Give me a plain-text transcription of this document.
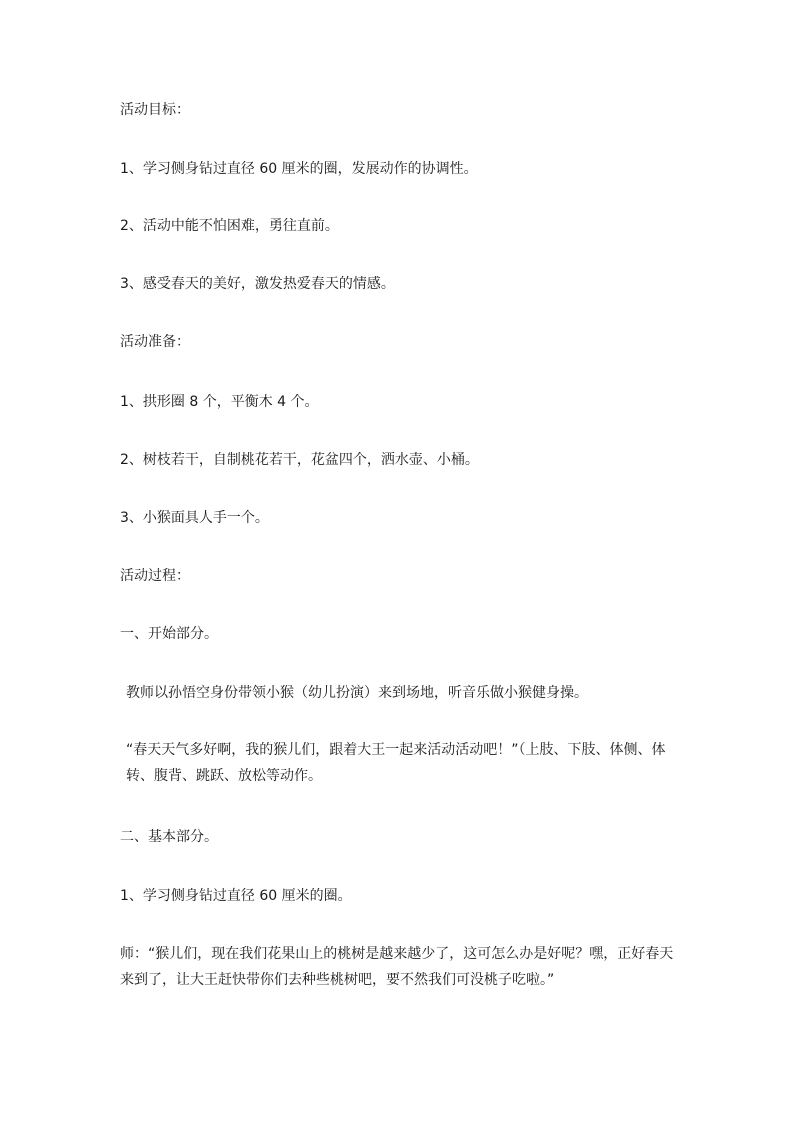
活动目标：

1、学习侧身钻过直径 60 厘米的圈，发展动作的协调性。

2、活动中能不怕困难，勇往直前。

3、感受春天的美好，激发热爱春天的情感。

活动准备：

1、拱形圈 8 个，平衡木 4 个。

2、树枝若干，自制桃花若干，花盆四个，洒水壶、小桶。

3、小猴面具人手一个。

活动过程：

一、开始部分。

教师以孙悟空身份带领小猴（幼儿扮演）来到场地，听音乐做小猴健身操。

“春天天气多好啊，我的猴儿们，跟着大王一起来活动活动吧！”（上肢、下肢、体侧、体转、腹背、跳跃、放松等动作。

二、基本部分。

1、学习侧身钻过直径 60 厘米的圈。

师：“猴儿们，现在我们花果山上的桃树是越来越少了，这可怎么办是好呢？嘿，正好春天来到了，让大王赶快带你们去种些桃树吧，要不然我们可没桃子吃啦。”
